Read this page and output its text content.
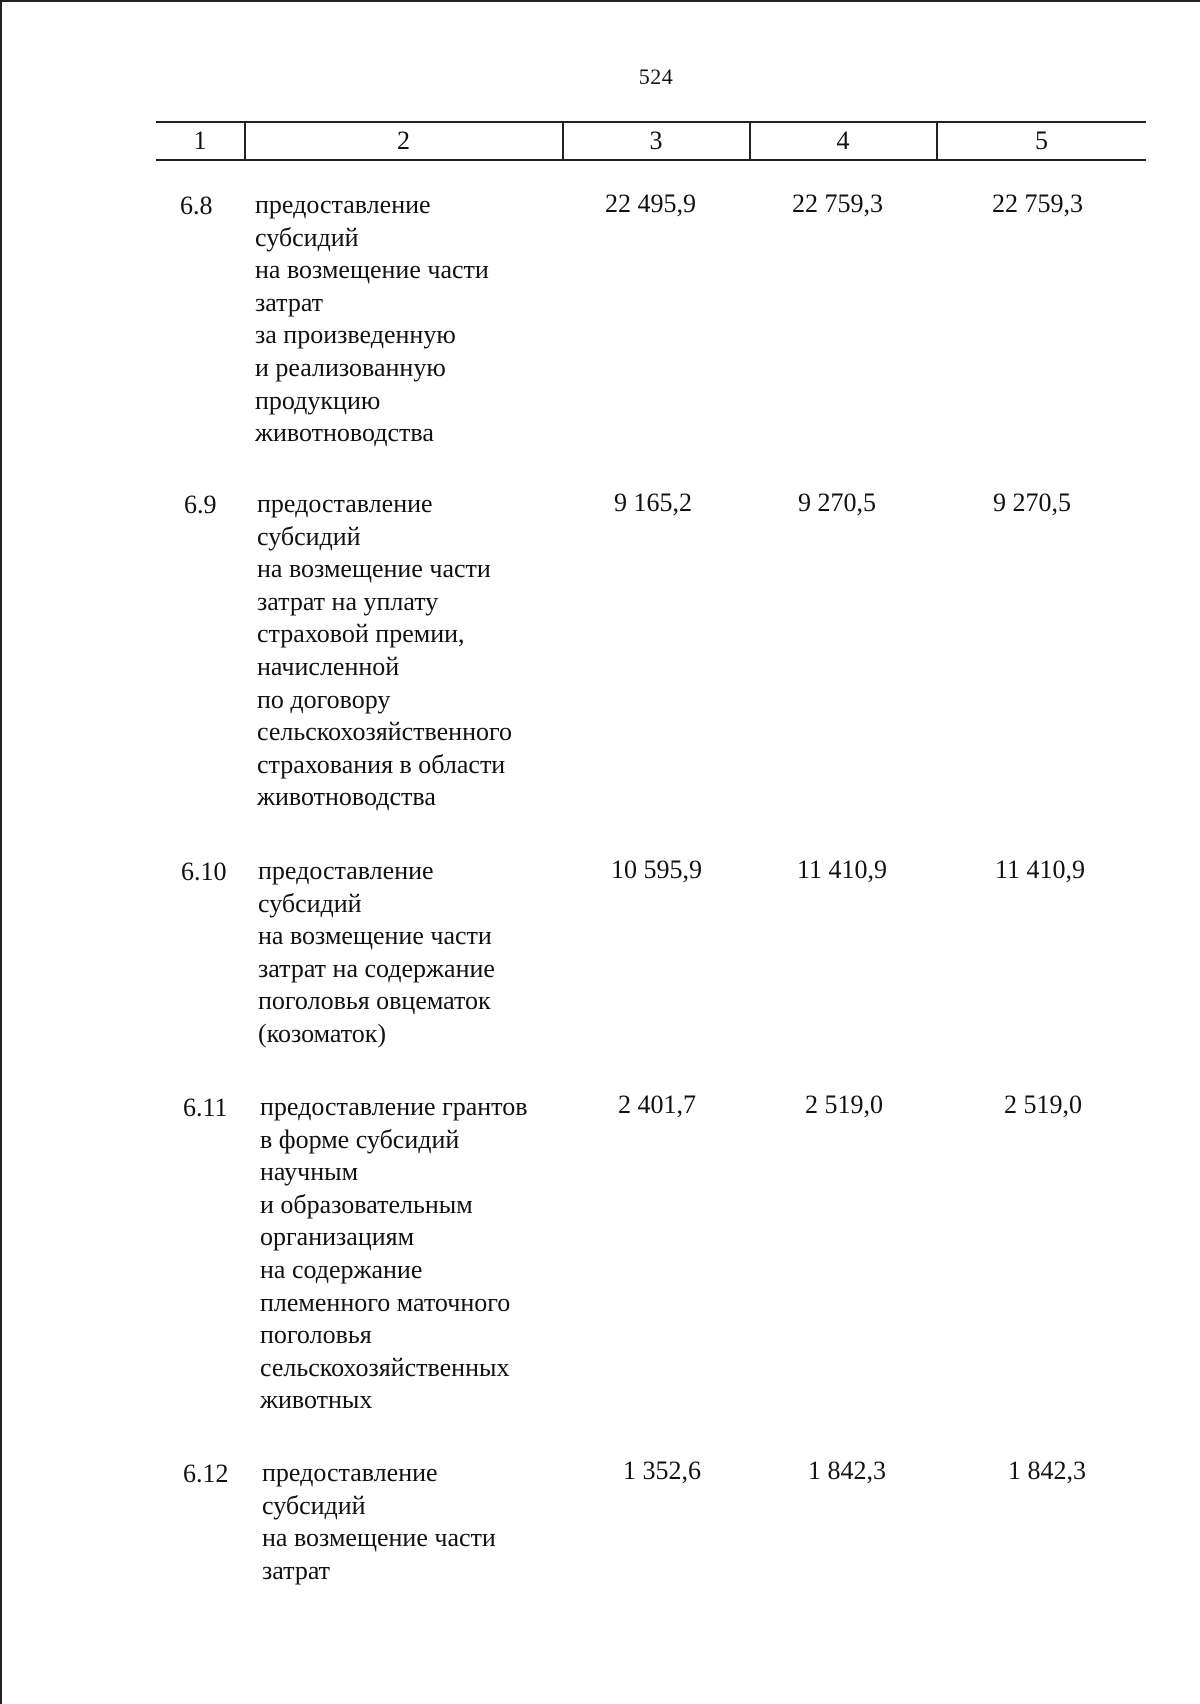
524
1	2	3	4	5
6.8 предоставление
субсидий
на возмещение части
затрат
за произведенную
и реализованную
продукцию
животноводства
22 495,9	22 759,3	22 759,3
6.9 предоставление
субсидий
на возмещение части
затрат на уплату
страховой премии,
начисленной
по договору
сельскохозяйственного
страхования в области
животноводства
9 165,2	9 270,5	9 270,5
6.10 предоставление
субсидий
на возмещение части
затрат на содержание
поголовья овцематок
(козоматок)
10 595,9	11 410,9	11 410,9
6.11 предоставление грантов
в форме субсидий
научным
и образовательным
организациям
на содержание
племенного маточного
поголовья
сельскохозяйственных
животных
2 401,7	2 519,0	2 519,0
6.12 предоставление
субсидий
на возмещение части
затрат
1 352,6	1 842,3	1 842,3
